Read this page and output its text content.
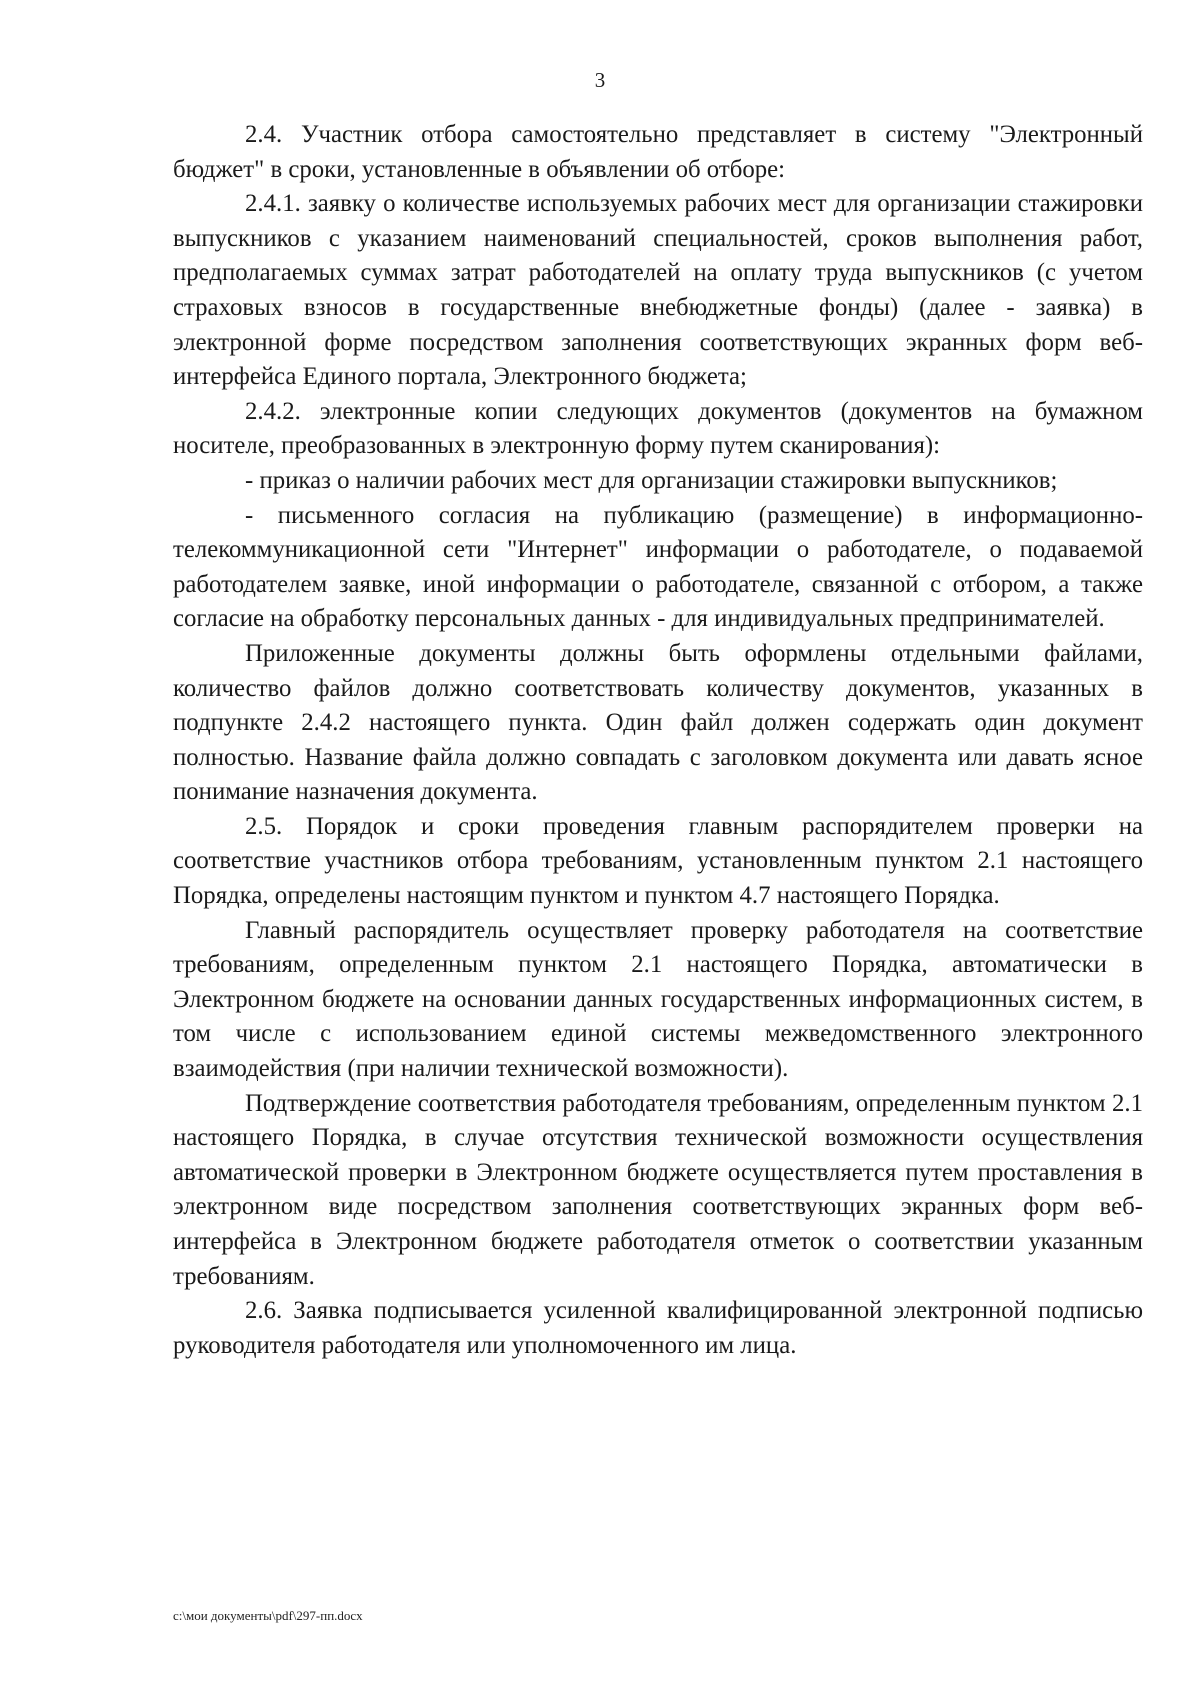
3

2.4. Участник отбора самостоятельно представляет в систему "Электронный бюджет" в сроки, установленные в объявлении об отборе:

2.4.1. заявку о количестве используемых рабочих мест для организации стажировки выпускников с указанием наименований специальностей, сроков выполнения работ, предполагаемых суммах затрат работодателей на оплату труда выпускников (с учетом страховых взносов в государственные внебюджетные фонды) (далее - заявка) в электронной форме посредством заполнения соответствующих экранных форм веб-интерфейса Единого портала, Электронного бюджета;

2.4.2. электронные копии следующих документов (документов на бумажном носителе, преобразованных в электронную форму путем сканирования):

- приказ о наличии рабочих мест для организации стажировки выпускников;

- письменного согласия на публикацию (размещение) в информационно-телекоммуникационной сети "Интернет" информации о работодателе, о подаваемой работодателем заявке, иной информации о работодателе, связанной с отбором, а также согласие на обработку персональных данных - для индивидуальных предпринимателей.

Приложенные документы должны быть оформлены отдельными файлами, количество файлов должно соответствовать количеству документов, указанных в подпункте 2.4.2 настоящего пункта. Один файл должен содержать один документ полностью. Название файла должно совпадать с заголовком документа или давать ясное понимание назначения документа.

2.5. Порядок и сроки проведения главным распорядителем проверки на соответствие участников отбора требованиям, установленным пунктом 2.1 настоящего Порядка, определены настоящим пунктом и пунктом 4.7 настоящего Порядка.

Главный распорядитель осуществляет проверку работодателя на соответствие требованиям, определенным пунктом 2.1 настоящего Порядка, автоматически в Электронном бюджете на основании данных государственных информационных систем, в том числе с использованием единой системы межведомственного электронного взаимодействия (при наличии технической возможности).

Подтверждение соответствия работодателя требованиям, определенным пунктом 2.1 настоящего Порядка, в случае отсутствия технической возможности осуществления автоматической проверки в Электронном бюджете осуществляется путем проставления в электронном виде посредством заполнения соответствующих экранных форм веб-интерфейса в Электронном бюджете работодателя отметок о соответствии указанным требованиям.

2.6. Заявка подписывается усиленной квалифицированной электронной подписью руководителя работодателя или уполномоченного им лица.

c:\мои документы\pdf\297-пп.docx
